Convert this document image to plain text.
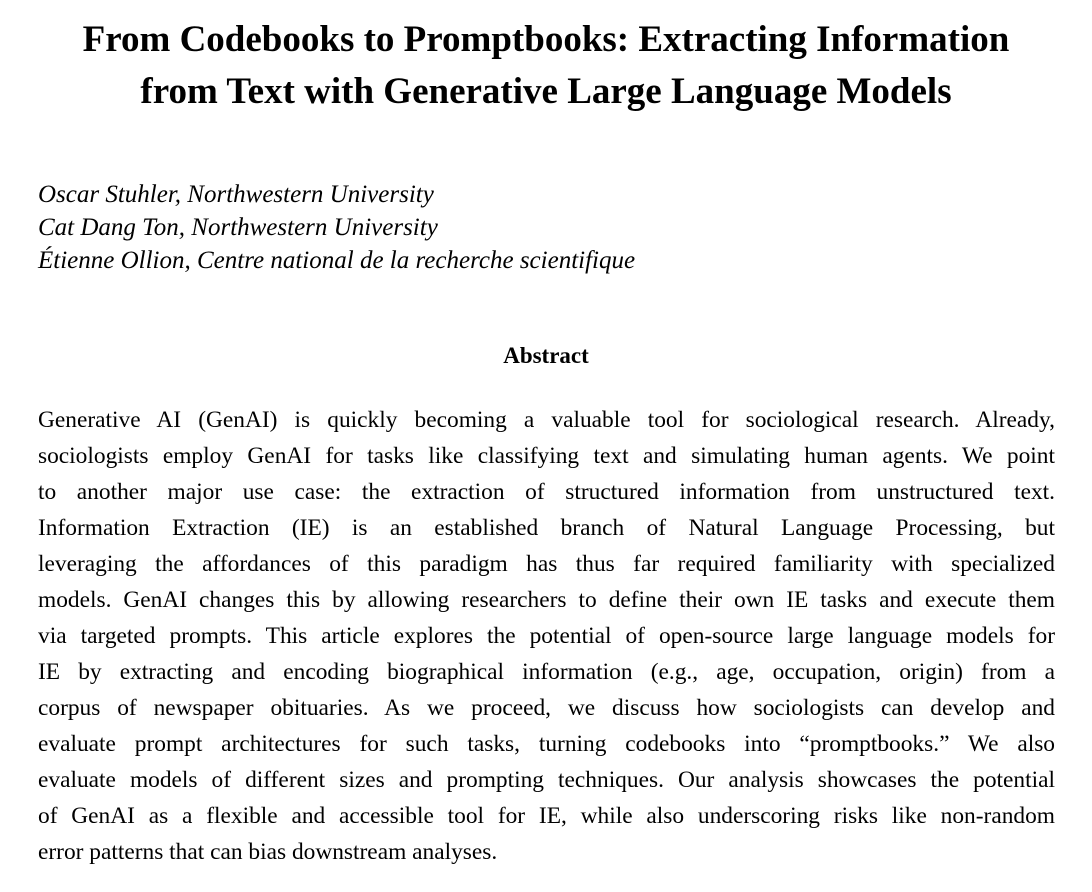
From Codebooks to Promptbooks: Extracting Information
from Text with Generative Large Language Models
Oscar Stuhler, Northwestern University
Cat Dang Ton, Northwestern University
Étienne Ollion, Centre national de la recherche scientifique
Abstract
Generative AI (GenAI) is quickly becoming a valuable tool for sociological research. Already,
sociologists employ GenAI for tasks like classifying text and simulating human agents. We point
to another major use case: the extraction of structured information from unstructured text.
Information Extraction (IE) is an established branch of Natural Language Processing, but
leveraging the affordances of this paradigm has thus far required familiarity with specialized
models. GenAI changes this by allowing researchers to define their own IE tasks and execute them
via targeted prompts. This article explores the potential of open-source large language models for
IE by extracting and encoding biographical information (e.g., age, occupation, origin) from a
corpus of newspaper obituaries. As we proceed, we discuss how sociologists can develop and
evaluate prompt architectures for such tasks, turning codebooks into “promptbooks.” We also
evaluate models of different sizes and prompting techniques. Our analysis showcases the potential
of GenAI as a flexible and accessible tool for IE, while also underscoring risks like non-random
error patterns that can bias downstream analyses.
